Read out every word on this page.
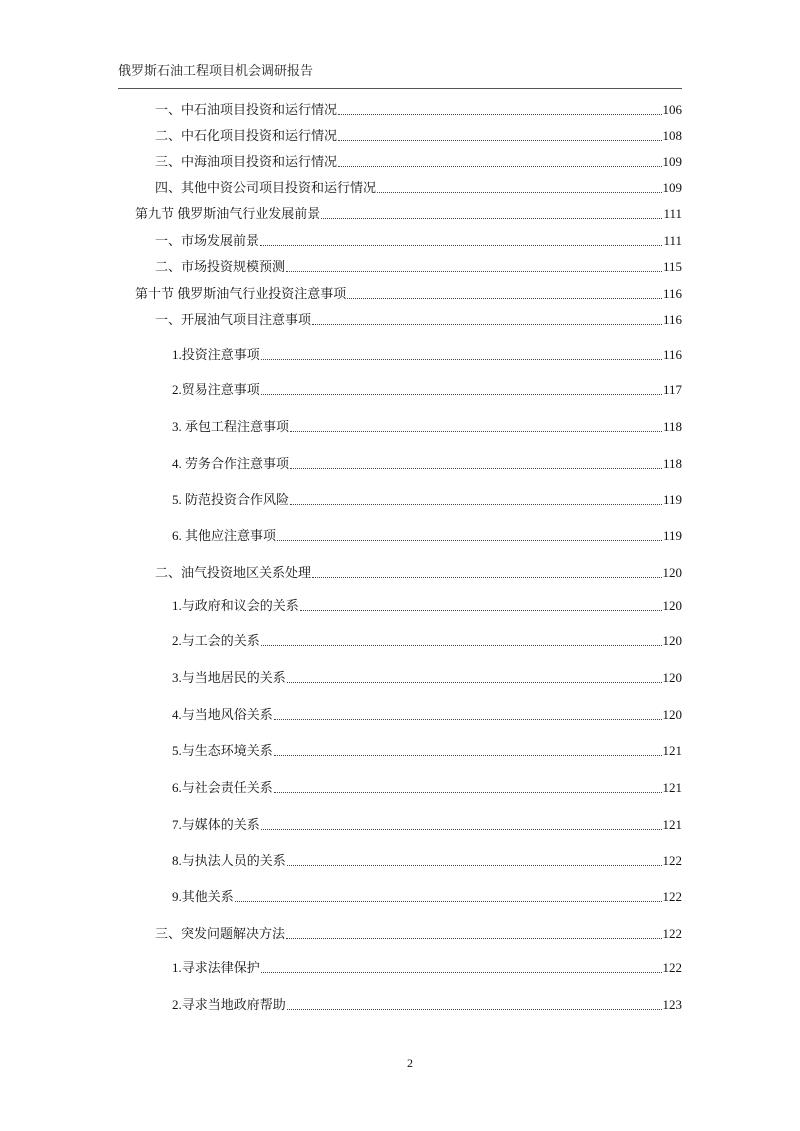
俄罗斯石油工程项目机会调研报告
一、中石油项目投资和运行情况	106
二、中石化项目投资和运行情况	108
三、中海油项目投资和运行情况	109
四、其他中资公司项目投资和运行情况	109
第九节 俄罗斯油气行业发展前景	111
一、市场发展前景	111
二、市场投资规模预测	115
第十节 俄罗斯油气行业投资注意事项	116
一、开展油气项目注意事项	116
1.投资注意事项	116
2.贸易注意事项	117
3. 承包工程注意事项	118
4. 劳务合作注意事项	118
5. 防范投资合作风险	119
6. 其他应注意事项	119
二、油气投资地区关系处理	120
1.与政府和议会的关系	120
2.与工会的关系	120
3.与当地居民的关系	120
4.与当地风俗关系	120
5.与生态环境关系	121
6.与社会责任关系	121
7.与媒体的关系	121
8.与执法人员的关系	122
9.其他关系	122
三、突发问题解决方法	122
1.寻求法律保护	122
2.寻求当地政府帮助	123
2
